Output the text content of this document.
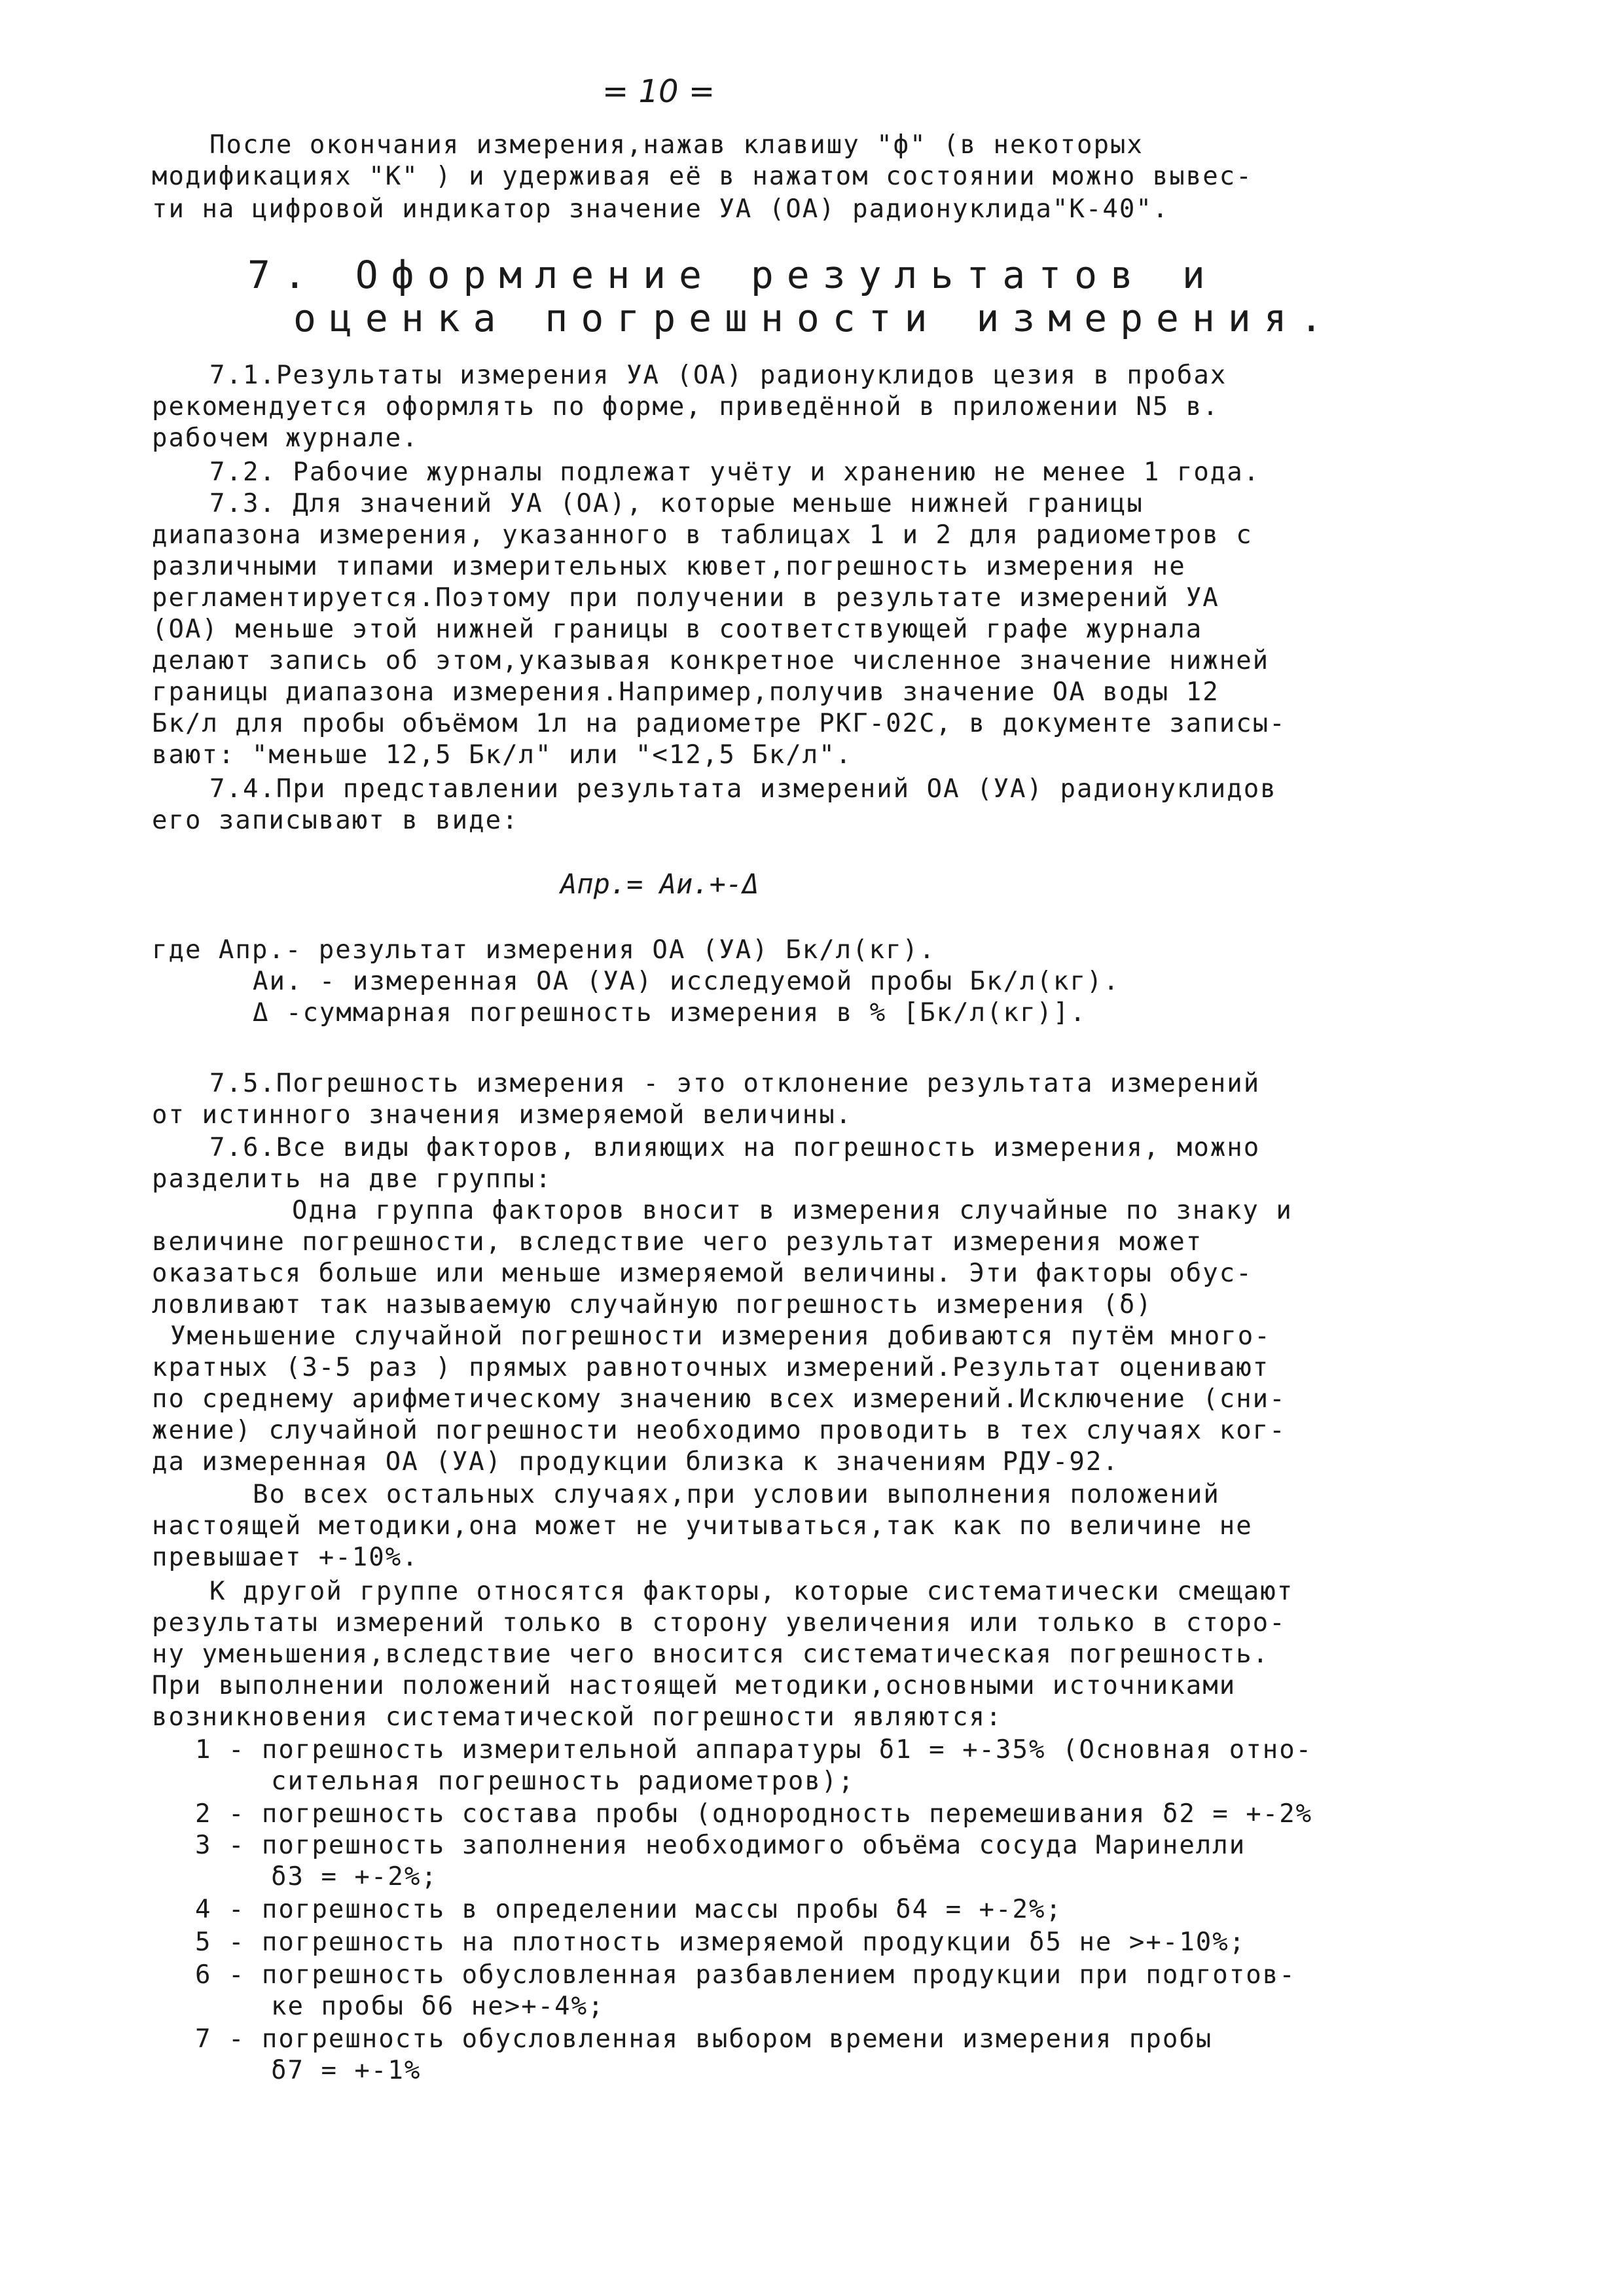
= 10 =
После окончания измерения,нажав клавишу "ф" (в некоторых
модификациях "К" ) и удерживая её в нажатом состоянии можно вывес-
ти на цифровой индикатор значение УА (ОА) радионуклида"К-40".
7. Оформление результатов и
оценка погрешности измерения.
7.1.Результаты измерения УА (ОА) радионуклидов цезия в пробах
рекомендуется оформлять по форме, приведённой в приложении N5 в.
рабочем журнале.
7.2. Рабочие журналы подлежат учёту и хранению не менее 1 года.
7.3. Для значений УА (ОА), которые меньше нижней границы
диапазона измерения, указанного в таблицах 1 и 2 для радиометров с
различными типами измерительных кювет,погрешность измерения не
регламентируется.Поэтому при получении в результате измерений УА
(ОА) меньше этой нижней границы в соответствующей графе журнала
делают запись об этом,указывая конкретное численное значение нижней
границы диапазона измерения.Например,получив значение ОА воды 12
Бк/л для пробы объёмом 1л на радиометре РКГ-02С, в документе записы-
вают: "меньше 12,5 Бк/л" или "<12,5 Бк/л".
7.4.При представлении результата измерений ОА (УА) радионуклидов
его записывают в виде:
Апр.= Аи.+-Δ
где Апр.- результат измерения ОА (УА) Бк/л(кг).
Аи. - измеренная ОА (УА) исследуемой пробы Бк/л(кг).
Δ -суммарная погрешность измерения в % [Бк/л(кг)].
7.5.Погрешность измерения - это отклонение результата измерений
от истинного значения измеряемой величины.
7.6.Все виды факторов, влияющих на погрешность измерения, можно
разделить на две группы:
Одна группа факторов вносит в измерения случайные по знаку и
величине погрешности, вследствие чего результат измерения может
оказаться больше или меньше измеряемой величины. Эти факторы обус-
ловливают так называемую случайную погрешность измерения (δ)
Уменьшение случайной погрешности измерения добиваются путём много-
кратных (3-5 раз ) прямых равноточных измерений.Результат оценивают
по среднему арифметическому значению всех измерений.Исключение (сни-
жение) случайной погрешности необходимо проводить в тех случаях ког-
да измеренная ОА (УА) продукции близка к значениям РДУ-92.
Во всех остальных случаях,при условии выполнения положений
настоящей методики,она может не учитываться,так как по величине не
превышает +-10%.
К другой группе относятся факторы, которые систематически смещают
результаты измерений только в сторону увеличения или только в сторо-
ну уменьшения,вследствие чего вносится систематическая погрешность.
При выполнении положений настоящей методики,основными источниками
возникновения систематической погрешности являются:
1 - погрешность измерительной аппаратуры δ1 = +-35% (Основная отно-
сительная погрешность радиометров);
2 - погрешность состава пробы (однородность перемешивания δ2 = +-2%
3 - погрешность заполнения необходимого объёма сосуда Маринелли
δ3 = +-2%;
4 - погрешность в определении массы пробы δ4 = +-2%;
5 - погрешность на плотность измеряемой продукции δ5 не >+-10%;
6 - погрешность обусловленная разбавлением продукции при подготов-
ке пробы δ6 не>+-4%;
7 - погрешность обусловленная выбором времени измерения пробы
δ7 = +-1%
